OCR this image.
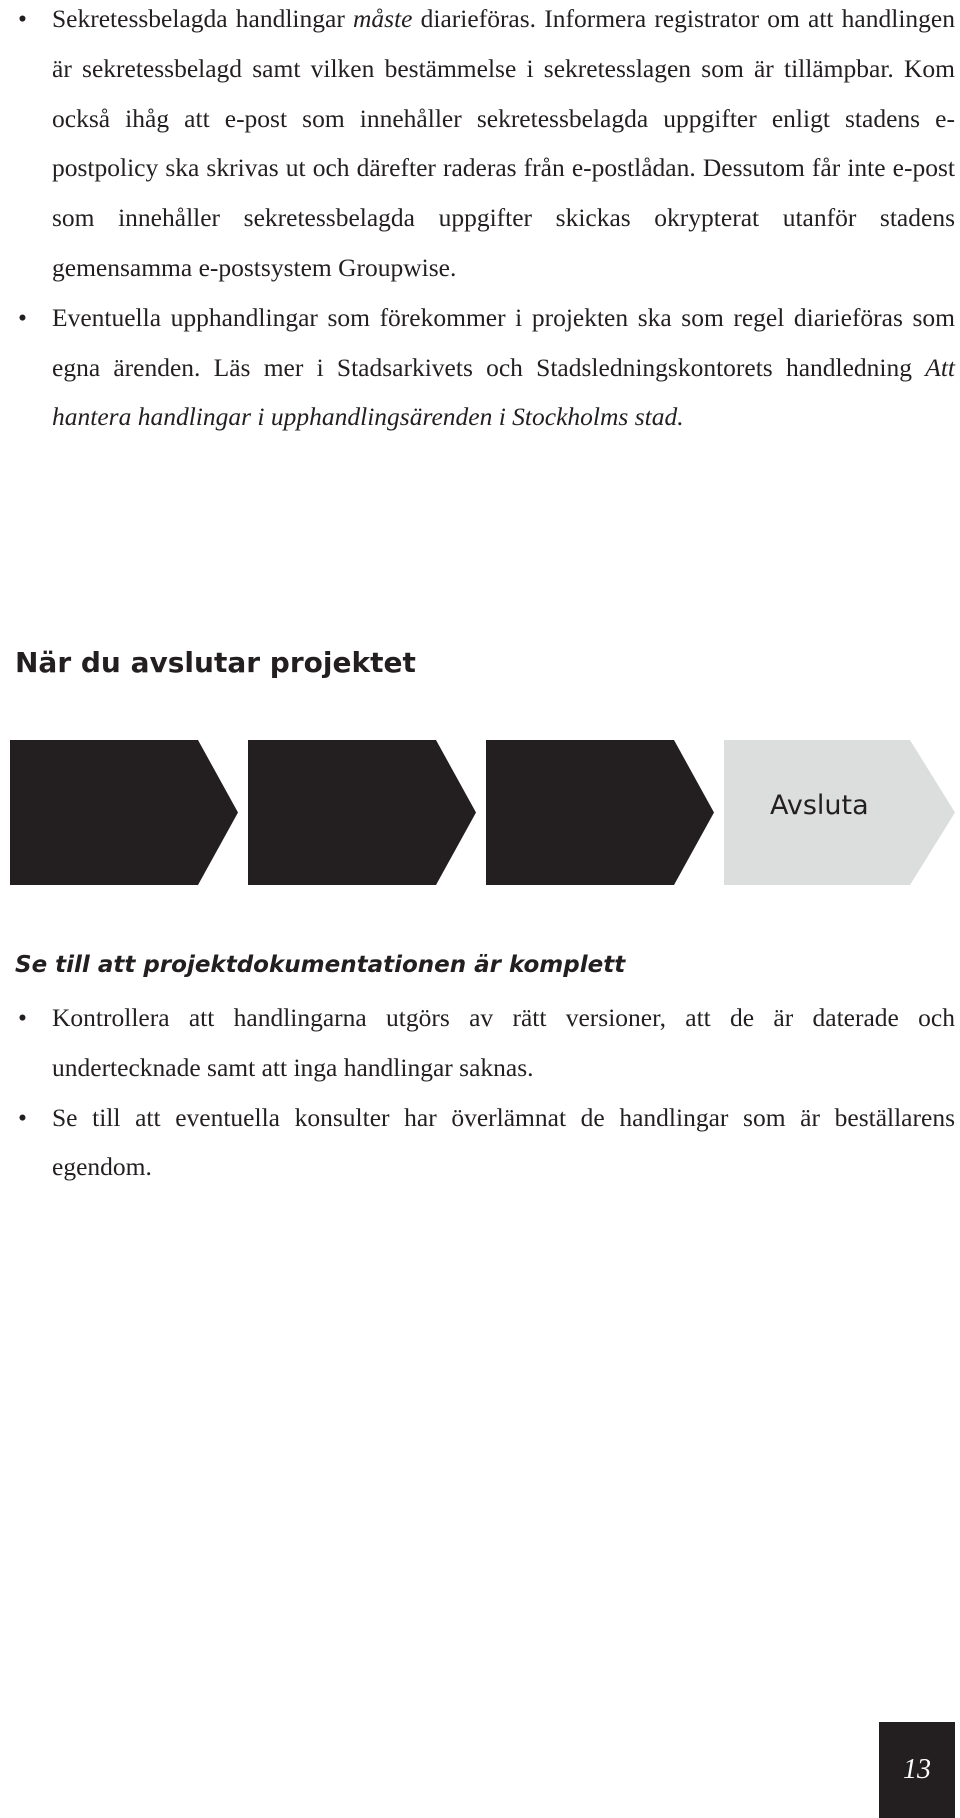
• Sekretessbelagda handlingar måste diarieföras. Informera registrator om att handlingen är sekretessbelagd samt vilken bestämmelse i sekretesslagen som är tillämpbar. Kom också ihåg att e-post som innehåller sekretessbelagda uppgifter enligt stadens e-postpolicy ska skrivas ut och därefter raderas från e-postlådan. Dessutom får inte e-post som innehåller sekretessbelagda uppgifter skickas okrypterat utanför stadens gemensamma e-postsystem Groupwise.
• Eventuella upphandlingar som förekommer i projekten ska som regel diarieföras som egna ärenden. Läs mer i Stadsarkivets och Stadsledningskontorets handledning Att hantera handlingar i upphandlingsärenden i Stockholms stad.
När du avslutar projektet
Avsluta
Se till att projektdokumentationen är komplett
• Kontrollera att handlingarna utgörs av rätt versioner, att de är daterade och undertecknade samt att inga handlingar saknas.
• Se till att eventuella konsulter har överlämnat de handlingar som är beställarens egendom.
13
